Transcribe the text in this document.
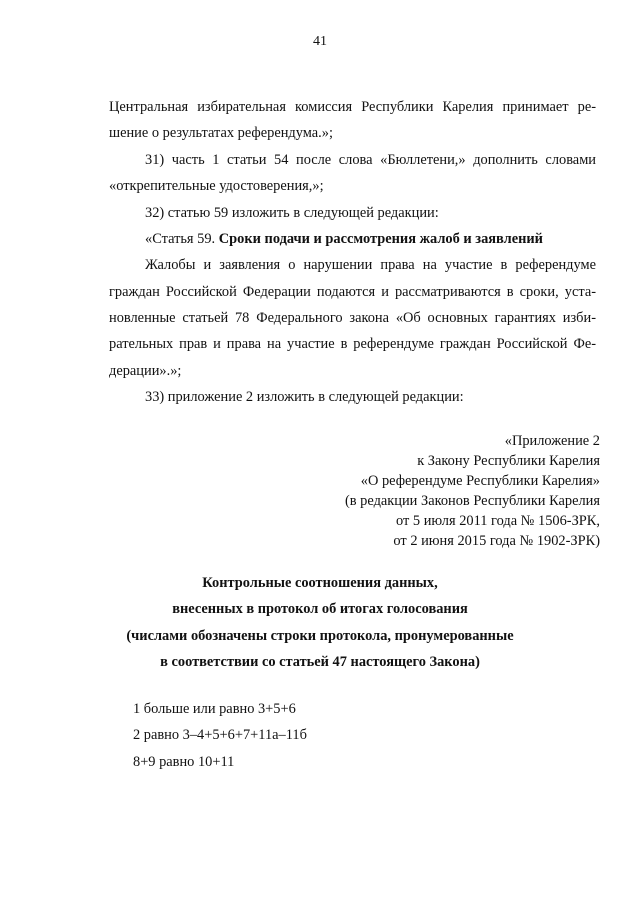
41
Центральная избирательная комиссия Республики Карелия принимает ре-
шение о результатах референдума.»;
31) часть 1 статьи 54 после слова «Бюллетени,» дополнить словами
«открепительные удостоверения,»;
32) статью 59 изложить в следующей редакции:
«Статья 59. Сроки подачи и рассмотрения жалоб и заявлений
Жалобы и заявления о нарушении права на участие в референдуме
граждан Российской Федерации подаются и рассматриваются в сроки, уста-
новленные статьей 78 Федерального закона «Об основных гарантиях изби-
рательных прав и права на участие в референдуме граждан Российской Фе-
дерации».»;
33) приложение 2 изложить в следующей редакции:
«Приложение 2
к Закону Республики Карелия
«О референдуме Республики Карелия»
(в редакции Законов Республики Карелия
от 5 июля 2011 года № 1506-ЗРК,
от 2 июня 2015 года № 1902-ЗРК)
Контрольные соотношения данных,
внесенных в протокол об итогах голосования
(числами обозначены строки протокола, пронумерованные
в соответствии со статьей 47 настоящего Закона)
1 больше или равно 3+5+6
2 равно 3–4+5+6+7+11а–11б
8+9 равно 10+11
